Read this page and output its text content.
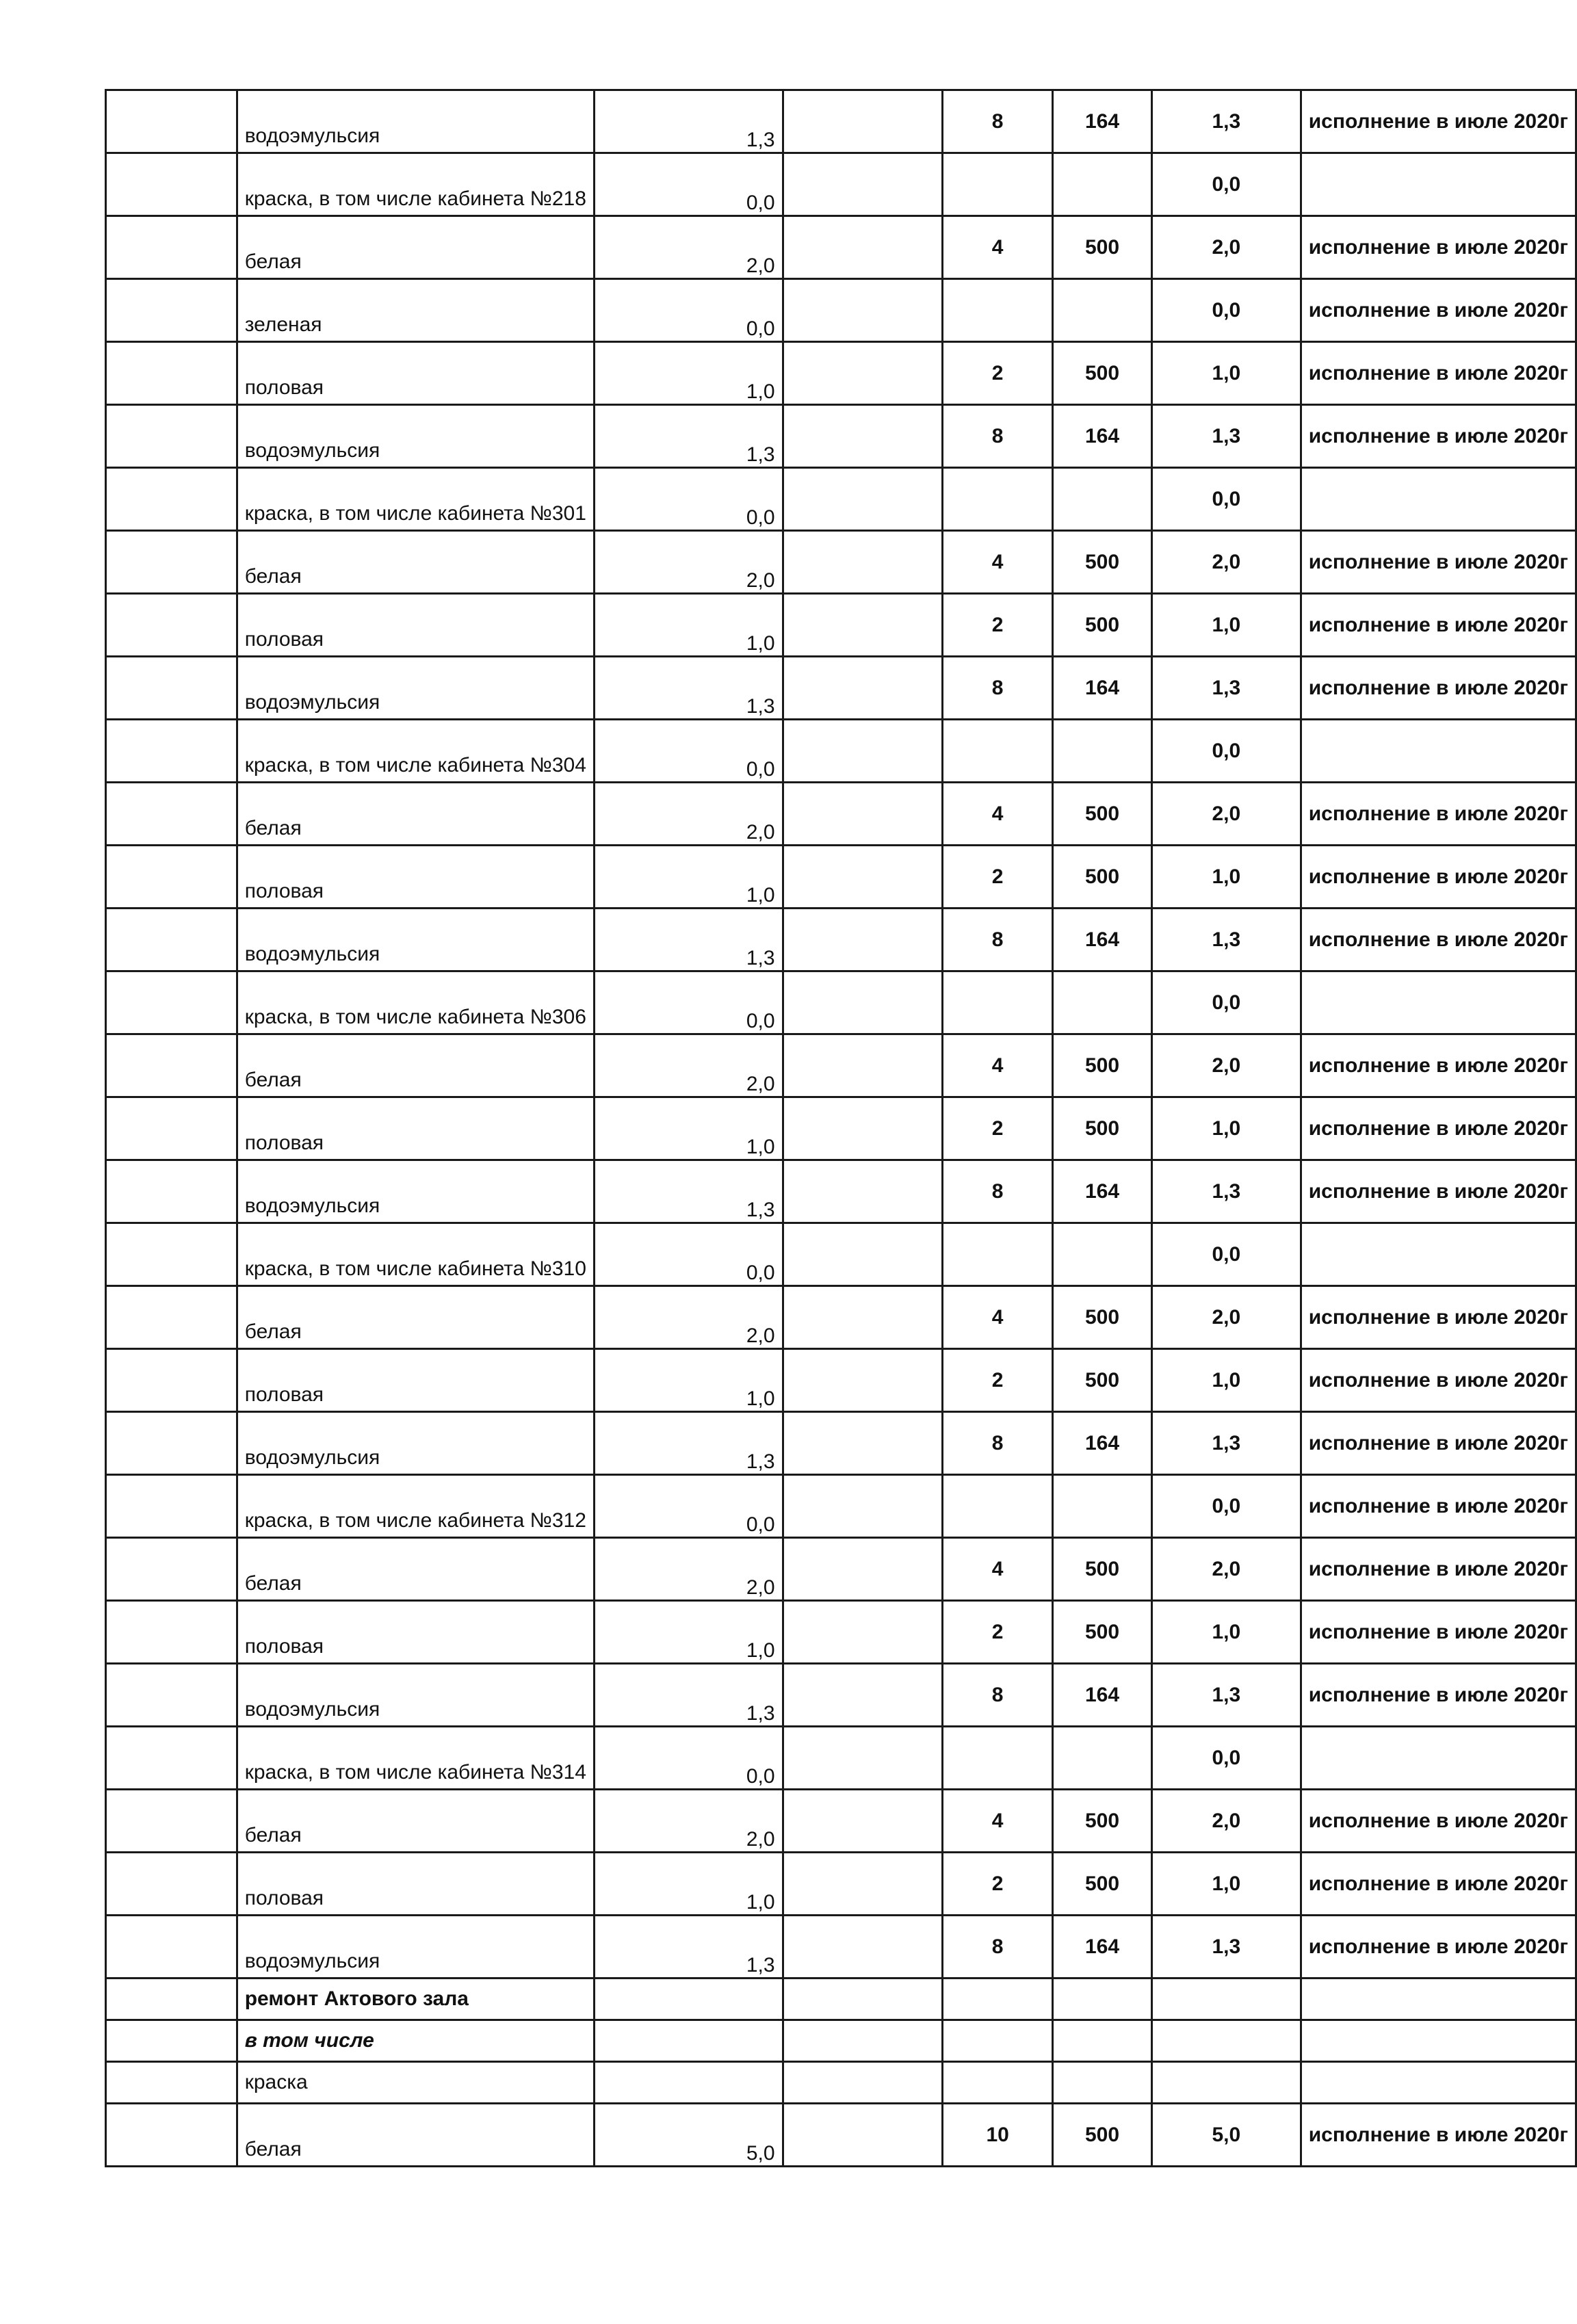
	водоэмульсия	1,3		8	164	1,3	исполнение в июле 2020г
	краска, в том числе кабинета №218	0,0				0,0	
	белая	2,0		4	500	2,0	исполнение в июле 2020г
	зеленая	0,0				0,0	исполнение в июле 2020г
	половая	1,0		2	500	1,0	исполнение в июле 2020г
	водоэмульсия	1,3		8	164	1,3	исполнение в июле 2020г
	краска, в том числе кабинета №301	0,0				0,0	
	белая	2,0		4	500	2,0	исполнение в июле 2020г
	половая	1,0		2	500	1,0	исполнение в июле 2020г
	водоэмульсия	1,3		8	164	1,3	исполнение в июле 2020г
	краска, в том числе кабинета №304	0,0				0,0	
	белая	2,0		4	500	2,0	исполнение в июле 2020г
	половая	1,0		2	500	1,0	исполнение в июле 2020г
	водоэмульсия	1,3		8	164	1,3	исполнение в июле 2020г
	краска, в том числе кабинета №306	0,0				0,0	
	белая	2,0		4	500	2,0	исполнение в июле 2020г
	половая	1,0		2	500	1,0	исполнение в июле 2020г
	водоэмульсия	1,3		8	164	1,3	исполнение в июле 2020г
	краска, в том числе кабинета №310	0,0				0,0	
	белая	2,0		4	500	2,0	исполнение в июле 2020г
	половая	1,0		2	500	1,0	исполнение в июле 2020г
	водоэмульсия	1,3		8	164	1,3	исполнение в июле 2020г
	краска, в том числе кабинета №312	0,0				0,0	исполнение в июле 2020г
	белая	2,0		4	500	2,0	исполнение в июле 2020г
	половая	1,0		2	500	1,0	исполнение в июле 2020г
	водоэмульсия	1,3		8	164	1,3	исполнение в июле 2020г
	краска, в том числе кабинета №314	0,0				0,0	
	белая	2,0		4	500	2,0	исполнение в июле 2020г
	половая	1,0		2	500	1,0	исполнение в июле 2020г
	водоэмульсия	1,3		8	164	1,3	исполнение в июле 2020г
	ремонт Актового зала						
	в том числе						
	краска						
	белая	5,0		10	500	5,0	исполнение в июле 2020г
